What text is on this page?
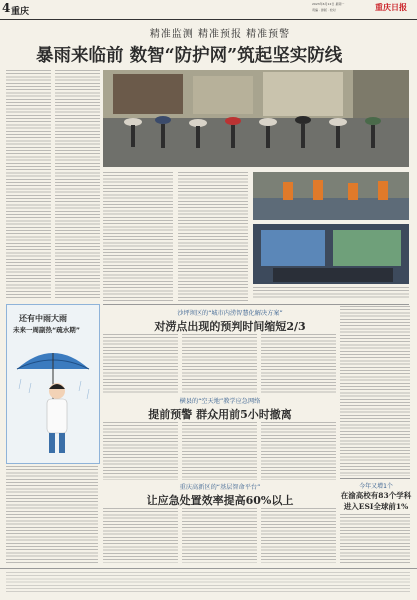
4 重庆
2023年6月12日 星期一
责编 · 排版 · 校对	重庆日报
精准监测 精准预报 精准预警
暴雨来临前 数智“防护网”筑起坚实防线
沙坪坝区的“城市内涝智慧化解决方案”
对涝点出现的预判时间缩短2/3
横县的“空天地”教学应急网络
提前预警 群众用前5小时撤离
重庆高新区的“基层智命平台”
让应急处置效率提高60%以上
还有中雨大雨
未来一周副热“疏水期”
今年又增1个
在渝高校有83个学科
进入ESI全球前1%
